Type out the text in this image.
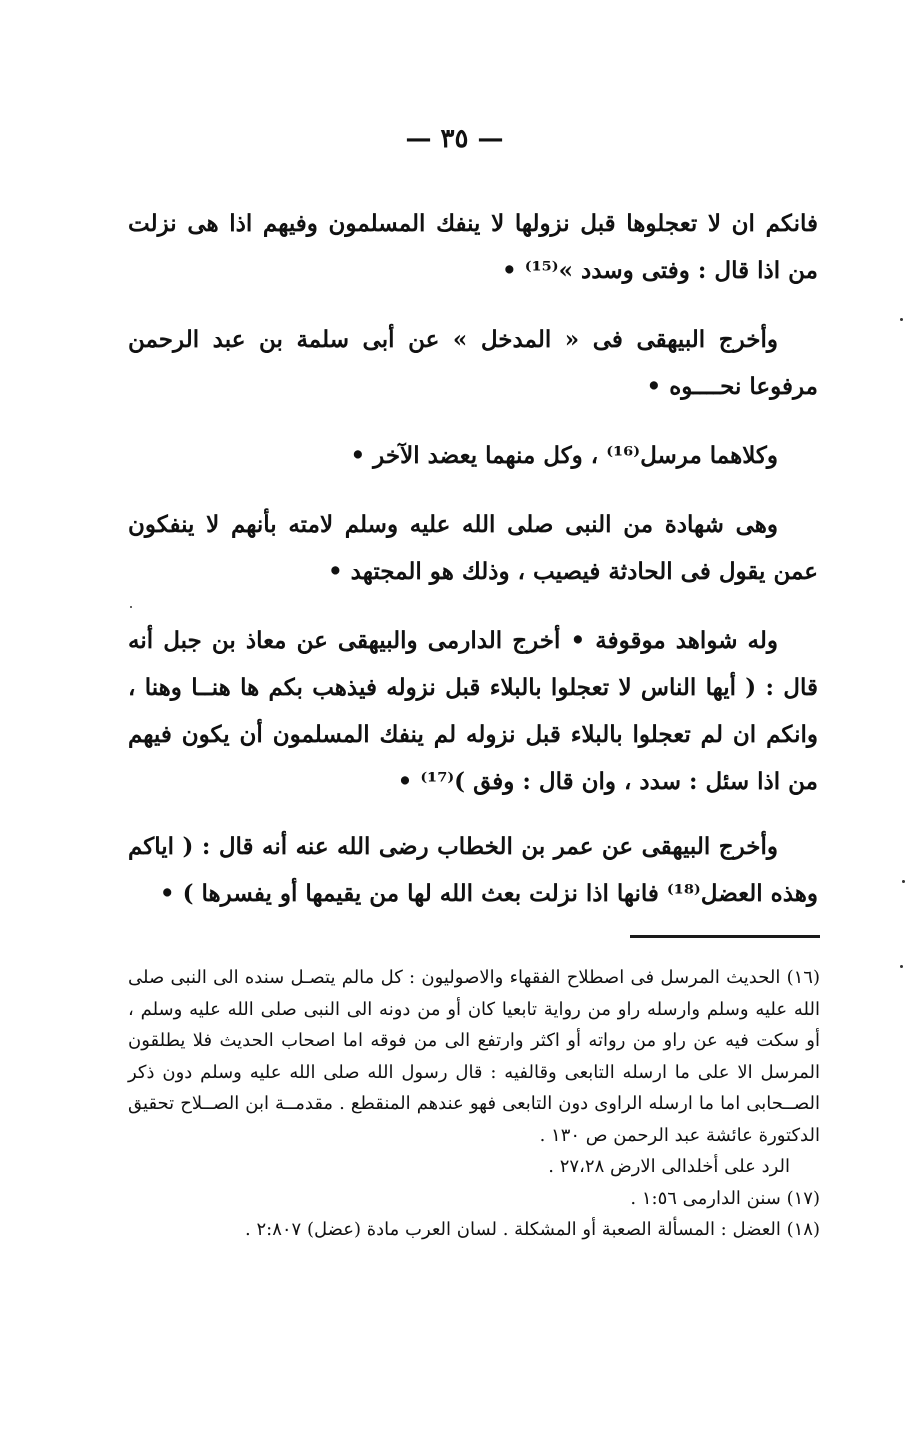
— ٣٥ —

فانكم ان لا تعجلوها قبل نزولها لا ينفك المسلمون وفيهم اذا هى نزلت من اذا قال : وفتى وسدد »⁽¹⁵⁾ •

وأخرج البيهقى فى « المدخل » عن أبى سلمة بن عبد الرحمن مرفوعا نحــــوه •

وكلاهما مرسل⁽¹⁶⁾ ، وكل منهما يعضد الآخر •

وهى شهادة من النبى صلى الله عليه وسلم لامته بأنهم لا ينفكون عمن يقول فى الحادثة فيصيب ، وذلك هو المجتهد •

وله شواهد موقوفة • أخرج الدارمى والبيهقى عن معاذ بن جبل أنه قال : ( أيها الناس لا تعجلوا بالبلاء قبل نزوله فيذهب بكم ها هنــا وهنا ، وانكم ان لم تعجلوا بالبلاء قبل نزوله لم ينفك المسلمون أن يكون فيهم من اذا سئل : سدد ، وان قال : وفق )⁽¹⁷⁾ •

وأخرج البيهقى عن عمر بن الخطاب رضى الله عنه أنه قال : ( اياكم وهذه العضل⁽¹⁸⁾ فانها اذا نزلت بعث الله لها من يقيمها أو يفسرها ) •

(١٦) الحديث المرسل فى اصطلاح الفقهاء والاصوليون : كل مالم يتصـل سنده الى النبى صلى الله عليه وسلم وارسله راو من رواية تابعيا كان أو من دونه الى النبى صلى الله عليه وسلم ، أو سكت فيه عن راو من رواته أو اكثر وارتفع الى من فوقه اما اصحاب الحديث فلا يطلقون المرسل الا على ما ارسله التابعى وقالفيه : قال رسول الله صلى الله عليه وسلم دون ذكر الصــحابى اما ما ارسله الراوى دون التابعى فهو عندهم المنقطع . مقدمــة ابن الصــلاح تحقيق الدكتورة عائشة عبد الرحمن ص ١٣٠ .

الرد على أخلدالى الارض ٢٧،٢٨ .

(١٧) سنن الدارمى ١:٥٦ .

(١٨) العضل : المسألة الصعبة أو المشكلة . لسان العرب مادة (عضل) ٢:٨٠٧ .
